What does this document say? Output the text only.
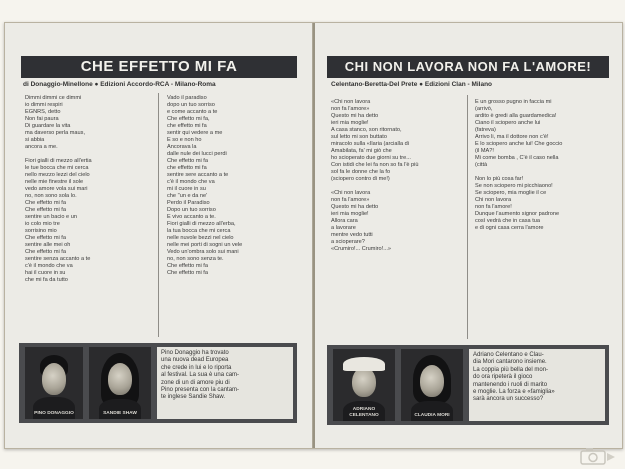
CHE EFFETTO MI FA
di Donaggio-Minellone ● Edizioni Accordo-RCA - Milano-Roma
Dimmi dimmi ce dimmi
io dimmi respiri
EGNRS, detto
Non fai paura
Di guardare la vita
ma daverso perla maus,
si abbia
ancora a me.

Fiori gialli di mezzo all'ertia
le tue bocca che mi cerca
nello mezzo lezzi del cielo
nelle mie finestre il sole
vedo amore vola sui mari
no, non sono sola lo.
Che effetto mi fa
Che effetto mi fa
sentire un bacio e un
io colo mio tre
sorrisino mio
Che effetto mi fa
sentire alle mei oh
Che effetto mi fa
sentire senza accanto a te
c'è il mondo che va
hai il cuore in su
che mi fa da tutto
Vado il paradiso
dopo un tuo sorriso
e come accanto a te
Che effetto mi fa,
che effetto mi fa
sentir qui vedere a me
E so e non ho
Ancorava la
dalle nule dei lucci perdi
Che effetto mi fa
che effetto mi fa
sentire sere accanto a te
c'è il mondo che va
mi il cuore in su
che ''un e da ne'
Perdo il Paradiso
Dopo un tuo sorriso
E vivo accanto a te.
Fiori gialli di mezzo all'erba,
la tua bocca che mi cerca
nelle nuvole bezzi nel cielo
nelle mei porti di sogni un vele
Vedo un'ombra solo sui mani
no, non sono senza te.
Che effetto mi fa
Che effetto mi fa
PINO DONAGGIO	SANDIE SHAW
Pino Donaggio ha trovato
una nuova dead Europea
che crede in lui e lo riporta
al festival. La sua è una cam-
zone di un di amore piu di
Pino presenta con la cantam-
te inglese Sandie Shaw.
CHI NON LAVORA NON FA L'AMORE!
Celentano-Beretta-Del Prete ● Edizioni Clan - Milano
«Chi non lavora
non fa l'amore»
Questo mi ha detto
ieri mia moglie!
A casa stanco, son ritornato,
sul letto mi son buttato
miracolo sulla «Ilaria (arcialla di
Amabilata, fa' mi giò che
ho scioperato due giorni su tre...
Con istidi che lei fa non so fa l'è più
sol fa le donne che la fo
(sciopero contro di me!)

«Chi non lavora
non fa l'amore»
Questo mi ha detto
ieri mia moglie!
Allora cara
a lavorare
mentre vedo tutti
a scioperare?
«Crumiro!... Crumiro!...»
E un grosso pugno in faccia mi
(arrivò,
ardito è gredi alla guardamedica!
Ciano il sciopero anche lui
(fatreva)
Arrivo li, ma il dottore non c'è!
E lo sciopero anche lui! Che goccio
(il MA?!
Mi come bomba , C'è il caso nella
(città

Non lo più cosa far!
Se non sciopero mi picchiaono!
Se sciopero, mia moglie il ce
Chi non lavora
non fa l'amore!
Dunque l'aumento signor padrone
così vedrà che in casa tua
e di ogni casa cerra l'amore
ADRIANO
CELENTANO	CLAUDIA MORI
Adriano Celentano e Clau-
dia Mori cantarono insieme.
La coppia più bella del mon-
do ora ripeterà il gioco
mantenendo i ruoli di marito
e moglie. La forza e «famiglia»
sarà ancora un successo?
